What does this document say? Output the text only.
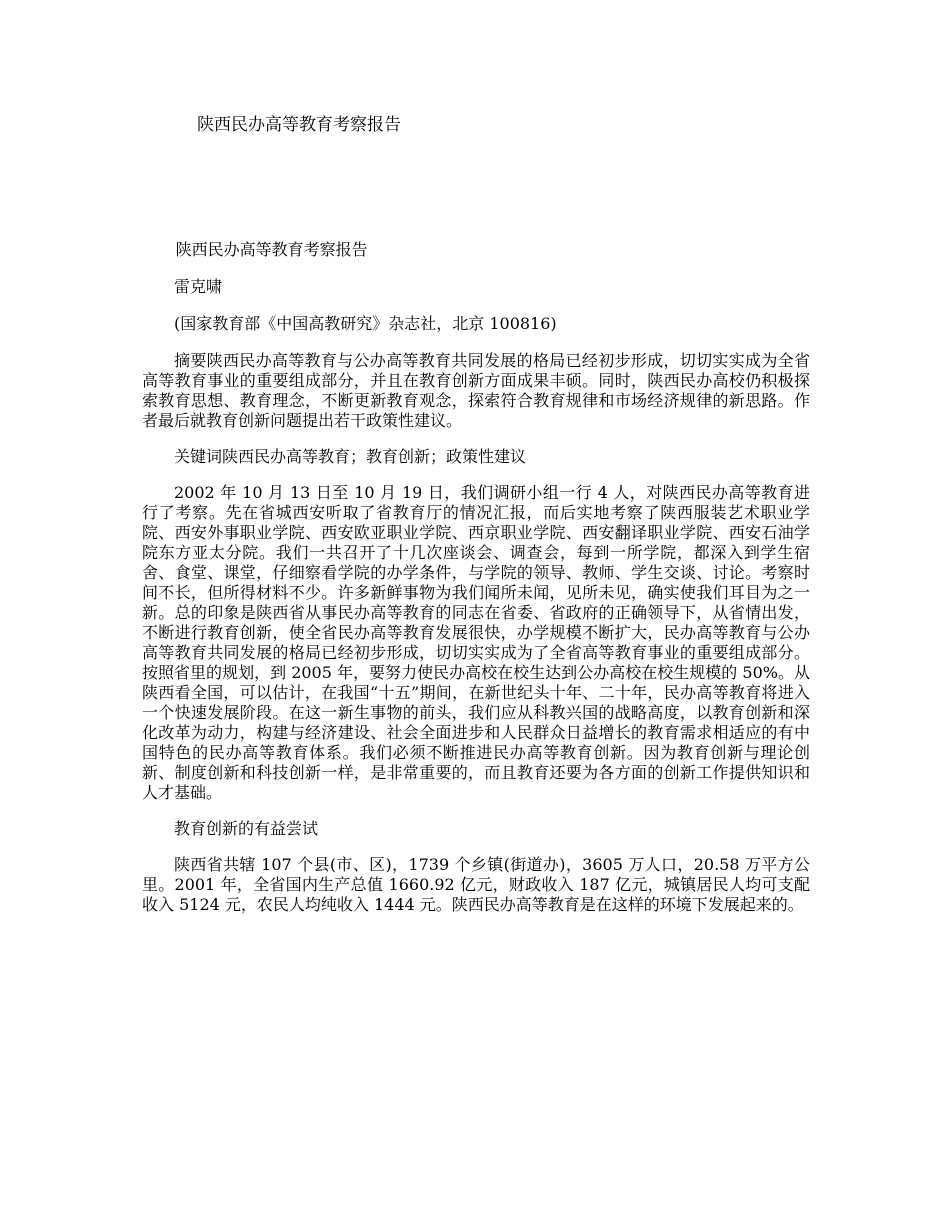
陕西民办高等教育考察报告

陕西民办高等教育考察报告

雷克啸

(国家教育部《中国高教研究》杂志社，北京 100816)

摘要陕西民办高等教育与公办高等教育共同发展的格局已经初步形成，切切实实成为全省高等教育事业的重要组成部分，并且在教育创新方面成果丰硕。同时，陕西民办高校仍积极探索教育思想、教育理念，不断更新教育观念，探索符合教育规律和市场经济规律的新思路。作者最后就教育创新问题提出若干政策性建议。

关键词陕西民办高等教育；教育创新；政策性建议

2002 年 10 月 13 日至 10 月 19 日，我们调研小组一行 4 人，对陕西民办高等教育进行了考察。先在省城西安听取了省教育厅的情况汇报，而后实地考察了陕西服装艺术职业学院、西安外事职业学院、西安欧亚职业学院、西京职业学院、西安翻译职业学院、西安石油学院东方亚太分院。我们一共召开了十几次座谈会、调查会，每到一所学院，都深入到学生宿舍、食堂、课堂，仔细察看学院的办学条件，与学院的领导、教师、学生交谈、讨论。考察时间不长，但所得材料不少。许多新鲜事物为我们闻所未闻，见所未见，确实使我们耳目为之一新。总的印象是陕西省从事民办高等教育的同志在省委、省政府的正确领导下，从省情出发，不断进行教育创新，使全省民办高等教育发展很快，办学规模不断扩大，民办高等教育与公办高等教育共同发展的格局已经初步形成，切切实实成为了全省高等教育事业的重要组成部分。按照省里的规划，到 2005 年，要努力使民办高校在校生达到公办高校在校生规模的 50%。从陕西看全国，可以估计，在我国“十五”期间，在新世纪头十年、二十年，民办高等教育将进入一个快速发展阶段。在这一新生事物的前头，我们应从科教兴国的战略高度，以教育创新和深化改革为动力，构建与经济建设、社会全面进步和人民群众日益增长的教育需求相适应的有中国特色的民办高等教育体系。我们必须不断推进民办高等教育创新。因为教育创新与理论创新、制度创新和科技创新一样，是非常重要的，而且教育还要为各方面的创新工作提供知识和人才基础。

教育创新的有益尝试

陕西省共辖 107 个县(市、区)，1739 个乡镇(街道办)，3605 万人口，20.58 万平方公里。2001 年，全省国内生产总值 1660.92 亿元，财政收入 187 亿元，城镇居民人均可支配收入 5124 元，农民人均纯收入 1444 元。陕西民办高等教育是在这样的环境下发展起来的。
